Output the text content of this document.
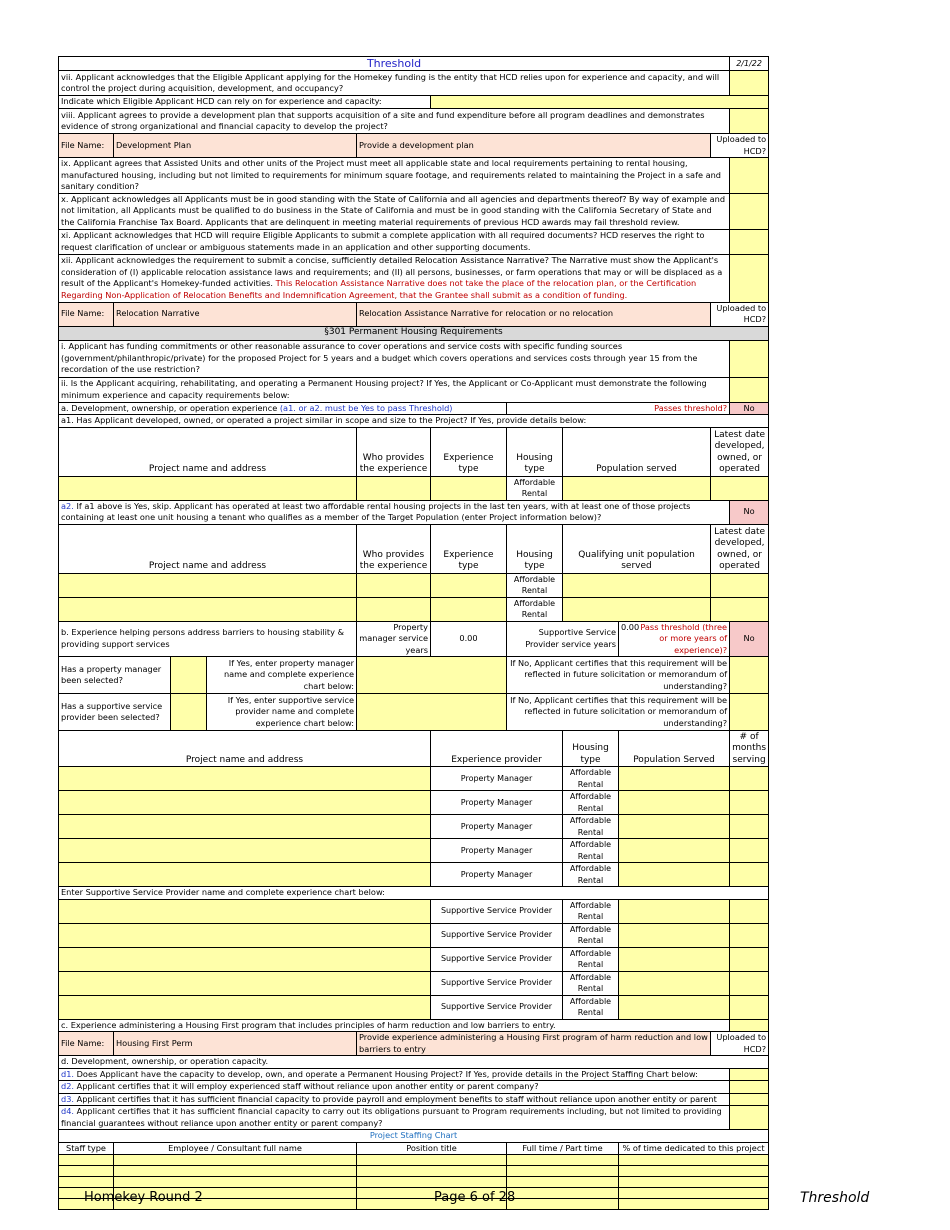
Threshold										2/1/22
vii. Applicant acknowledges that the Eligible Applicant applying for the Homekey funding is the entity that HCD relies upon for experience and capacity, and will control the project during acquisition, development, and occupancy?										
Indicate which Eligible Applicant HCD can rely on for experience and capacity:										
viii. Applicant agrees to provide a development plan that supports acquisition of a site and fund expenditure before all program deadlines and demonstrates evidence of strong organizational and financial capacity to develop the project?										
File Name:	Development Plan			Provide a development plan					Uploaded to HCD?	
ix. Applicant agrees that Assisted Units and other units of the Project must meet all applicable state and local requirements pertaining to rental housing, manufactured housing, including but not limited to requirements for minimum square footage, and requirements related to maintaining the Project in a safe and sanitary condition?										
x. Applicant acknowledges all Applicants must be in good standing with the State of California and all agencies and departments thereof? By way of example and not limitation, all Applicants must be qualified to do business in the State of California and must be in good standing with the California Secretary of State and the California Franchise Tax Board. Applicants that are delinquent in meeting material requirements of previous HCD awards may fail threshold review.										
xi. Applicant acknowledges that HCD will require Eligible Applicants to submit a complete application with all required documents? HCD reserves the right to request clarification of unclear or ambiguous statements made in an application and other supporting documents.										
xii. Applicant acknowledges the requirement to submit a concise, sufficiently detailed Relocation Assistance Narrative? The Narrative must show the Applicant's consideration of (I) applicable relocation assistance laws and requirements; and (II) all persons, businesses, or farm operations that may or will be displaced as a result of the Applicant's Homekey-funded activities. This Relocation Assistance Narrative does not take the place of the relocation plan, or the Certification Regarding Non-Application of Relocation Benefits and Indemnification Agreement, that the Grantee shall submit as a condition of funding.										
File Name:	Relocation Narrative			Relocation Assistance Narrative for relocation or no relocation					Uploaded to HCD?	
§301 Permanent Housing Requirements										
i. Applicant has funding commitments or other reasonable assurance to cover operations and service costs with specific funding sources (government/philanthropic/private) for the proposed Project for 5 years and a budget which covers operations and services costs through year 15 from the recordation of the use restriction?										
ii. Is the Applicant acquiring, rehabilitating, and operating a Permanent Housing project? If Yes, the Applicant or Co-Applicant must demonstrate the following minimum experience and capacity requirements below:										
a. Development, ownership, or operation experience (a1. or a2. must be Yes to pass Threshold)						Passes threshold?				No
a1. Has Applicant developed, owned, or operated a project similar in scope and size to the Project? If Yes, provide details below:										
Project name and address				Who provides the experience	Experience type	Housing type	Population served		Latest date developed, owned, or operated	
						Affordable Rental				
a2. If a1 above is Yes, skip. Applicant has operated at least two affordable rental housing projects in the last ten years, with at least one of those projects containing at least one unit housing a tenant who qualifies as a member of the Target Population (enter Project information below)?										No
Project name and address				Who provides the experience	Experience type	Housing type	Qualifying unit population served		Latest date developed, owned, or operated	
						Affordable Rental				
						Affordable Rental				
b. Experience helping persons address barriers to housing stability & providing support services				Property manager service years	0.00	Supportive Service Provider service years		0.00 Pass threshold (three or more years of experience)?		No
Has a property manager been selected?			If Yes, enter property manager name and complete experience chart below:			If No, Applicant certifies that this requirement will be reflected in future solicitation or memorandum of understanding?				
Has a supportive service provider been selected?			If Yes, enter supportive service provider name and complete experience chart below:			If No, Applicant certifies that this requirement will be reflected in future solicitation or memorandum of understanding?				
Project name and address					Experience provider		Housing type	Population Served		# of months serving
					Property Manager		Affordable Rental			
					Property Manager		Affordable Rental			
					Property Manager		Affordable Rental			
					Property Manager		Affordable Rental			
					Property Manager		Affordable Rental			
Enter Supportive Service Provider name and complete experience chart below:										
					Supportive Service Provider		Affordable Rental			
					Supportive Service Provider		Affordable Rental			
					Supportive Service Provider		Affordable Rental			
					Supportive Service Provider		Affordable Rental			
					Supportive Service Provider		Affordable Rental			
c. Experience administering a Housing First program that includes principles of harm reduction and low barriers to entry.										
File Name:	Housing First Perm			Provide experience administering a Housing First program of harm reduction and low barriers to entry					Uploaded to HCD?	
d. Development, ownership, or operation capacity.										
d1. Does Applicant have the capacity to develop, own, and operate a Permanent Housing Project? If Yes, provide details in the Project Staffing Chart below:										
d2. Applicant certifies that it will employ experienced staff without reliance upon another entity or parent company?										
d3. Applicant certifies that it has sufficient financial capacity to provide payroll and employment benefits to staff without reliance upon another entity or parent										
d4. Applicant certifies that it has sufficient financial capacity to carry out its obligations pursuant to Program requirements including, but not limited to providing financial guarantees without reliance upon another entity or parent company?										
Project Staffing Chart										
Staff type	Employee / Consultant full name			Position title		Full time / Part time		% of time dedicated to this project		

Homekey Round 2	Page 6 of 28	Threshold
